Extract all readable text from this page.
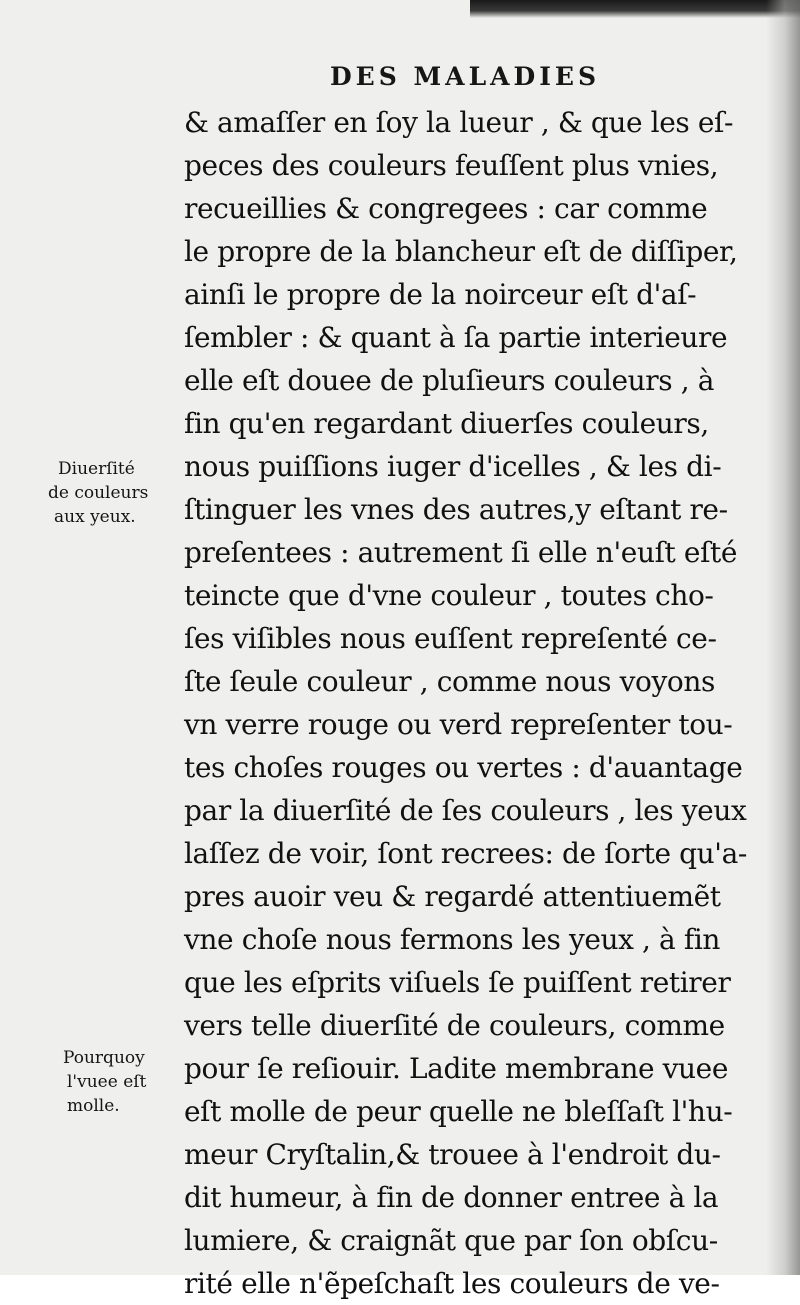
DES MALADIES
& amaſſer en ſoy la lueur , & que les eſ-
peces des couleurs feuſſent plus vnies,
recueillies & congregees : car comme
le propre de la blancheur eſt de diſſiper,
ainſi le propre de la noirceur eſt d'aſ-
ſembler : & quant à ſa partie interieure
elle eſt douee de pluſieurs couleurs , à
fin qu'en regardant diuerſes couleurs,
nous puiſſions iuger d'icelles , & les di-
ſtinguer les vnes des autres,y eſtant re-
preſentees : autrement ſi elle n'euſt eſté
teincte que d'vne couleur , toutes cho-
ſes viſibles nous euſſent repreſenté ce-
ſte ſeule couleur , comme nous voyons
vn verre rouge ou verd repreſenter tou-
tes choſes rouges ou vertes : d'auantage
par la diuerſité de ſes couleurs , les yeux
laſſez de voir, ſont recrees: de ſorte qu'a-
pres auoir veu & regardé attentiuemẽt
vne choſe nous fermons les yeux , à fin
que les eſprits viſuels ſe puiſſent retirer
vers telle diuerſité de couleurs, comme
pour ſe reſiouir. Ladite membrane vuee
eſt molle de peur quelle ne bleſſaſt l'hu-
meur Cryſtalin,& trouee à l'endroit du-
dit humeur, à fin de donner entree à la
lumiere, & craignãt que par ſon obſcu-
rité elle n'ẽpeſchaſt les couleurs de ve-
Diuerſité
de couleurs
aux yeux.
Pourquoy
l'vuee eſt
molle.
